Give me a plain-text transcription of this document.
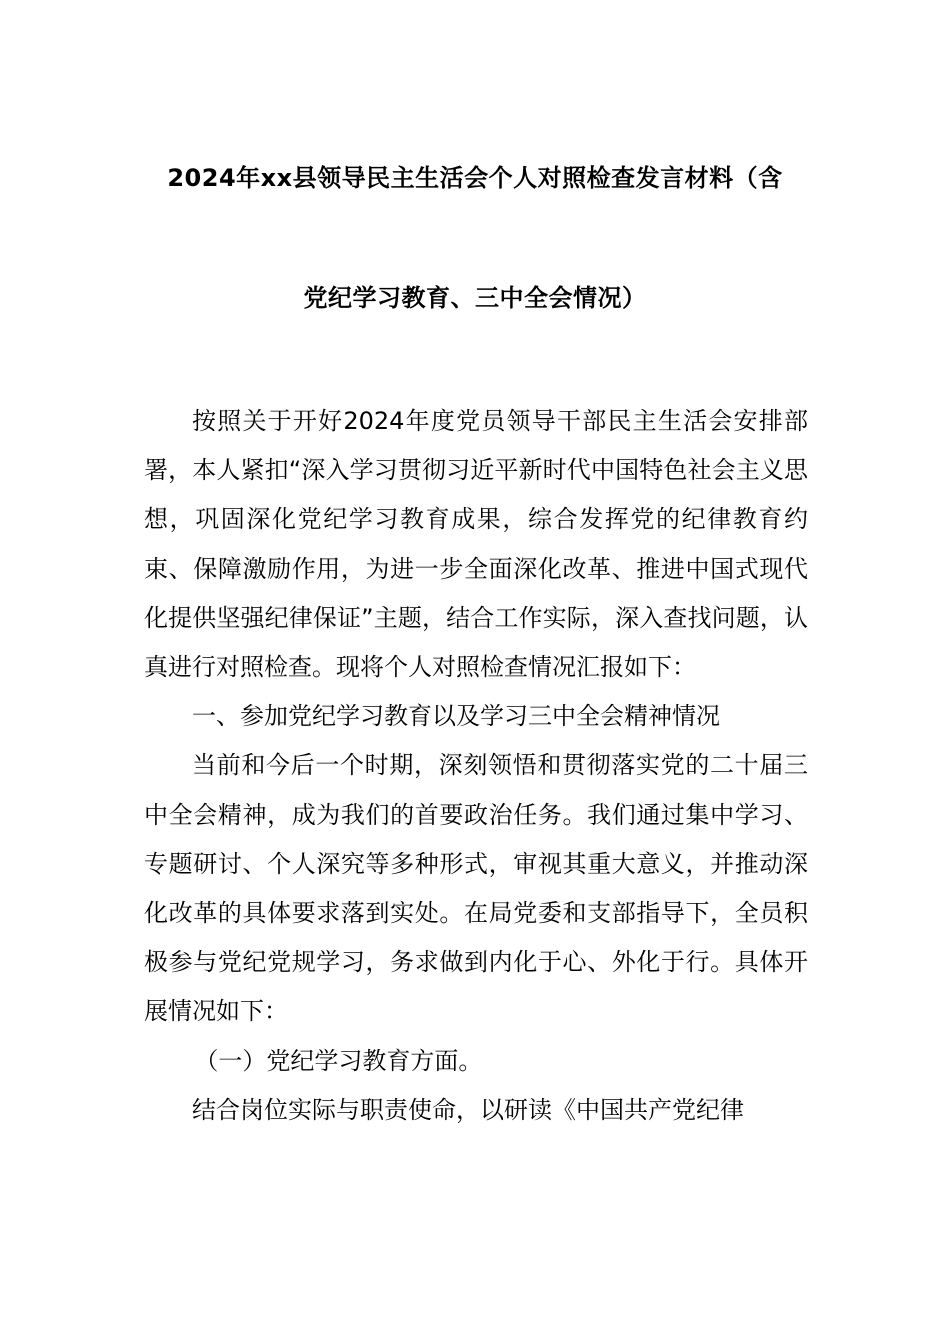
2024年xx县领导民主生活会个人对照检查发言材料（含
党纪学习教育、三中全会情况）

按照关于开好2024年度党员领导干部民主生活会安排部署，本人紧扣“深入学习贯彻习近平新时代中国特色社会主义思想，巩固深化党纪学习教育成果，综合发挥党的纪律教育约束、保障激励作用，为进一步全面深化改革、推进中国式现代化提供坚强纪律保证”主题，结合工作实际，深入查找问题，认真进行对照检查。现将个人对照检查情况汇报如下：

一、参加党纪学习教育以及学习三中全会精神情况

当前和今后一个时期，深刻领悟和贯彻落实党的二十届三中全会精神，成为我们的首要政治任务。我们通过集中学习、专题研讨、个人深究等多种形式，审视其重大意义，并推动深化改革的具体要求落到实处。在局党委和支部指导下，全员积极参与党纪党规学习，务求做到内化于心、外化于行。具体开展情况如下：

（一）党纪学习教育方面。

结合岗位实际与职责使命，以研读《中国共产党纪律
